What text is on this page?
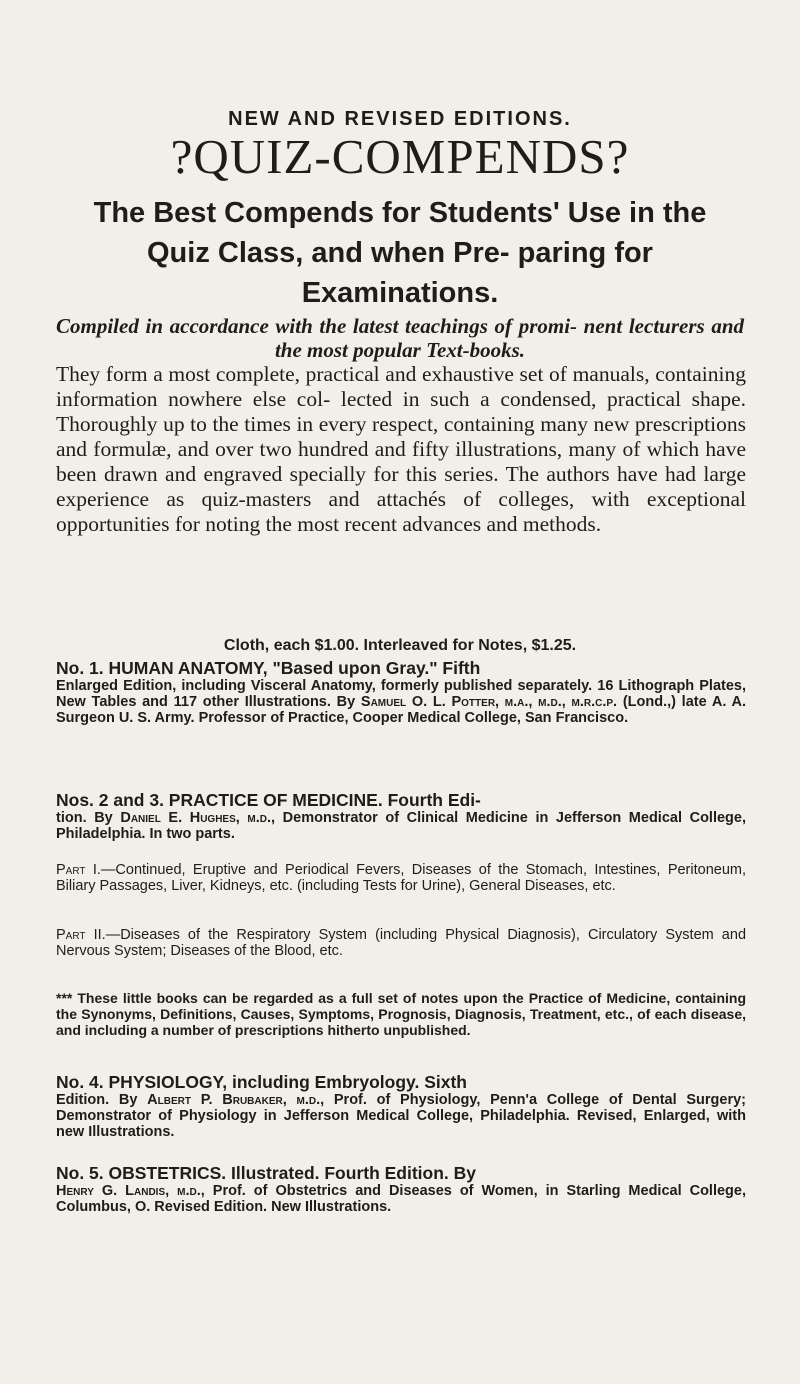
NEW AND REVISED EDITIONS.
?QUIZ-COMPENDS?
The Best Compends for Students' Use in the Quiz Class, and when Pre- paring for Examinations.
Compiled in accordance with the latest teachings of promi- nent lecturers and the most popular Text-books.
They form a most complete, practical and exhaustive set of manuals, containing information nowhere else col- lected in such a condensed, practical shape. Thoroughly up to the times in every respect, containing many new prescriptions and formulæ, and over two hundred and fifty illustrations, many of which have been drawn and engraved specially for this series. The authors have had large experience as quiz-masters and attachés of colleges, with exceptional opportunities for noting the most recent advances and methods.
Cloth, each $1.00. Interleaved for Notes, $1.25.
No. 1. HUMAN ANATOMY, "Based upon Gray." Fifth
Enlarged Edition, including Visceral Anatomy, formerly published separately. 16 Lithograph Plates, New Tables and 117 other Illustrations. By Samuel O. L. Potter, m.a., m.d., m.r.c.p. (Lond.,) late A. A. Surgeon U. S. Army. Professor of Practice, Cooper Medical College, San Francisco.
Nos. 2 and 3. PRACTICE OF MEDICINE. Fourth Edi-
tion. By Daniel E. Hughes, m.d., Demonstrator of Clinical Medicine in Jefferson Medical College, Philadelphia. In two parts.
Part I.—Continued, Eruptive and Periodical Fevers, Diseases of the Stomach, Intestines, Peritoneum, Biliary Passages, Liver, Kidneys, etc. (including Tests for Urine), General Diseases, etc.
Part II.—Diseases of the Respiratory System (including Physical Diagnosis), Circulatory System and Nervous System; Diseases of the Blood, etc.
*** These little books can be regarded as a full set of notes upon the Practice of Medicine, containing the Synonyms, Definitions, Causes, Symptoms, Prognosis, Diagnosis, Treatment, etc., of each disease, and including a number of prescriptions hitherto unpublished.
No. 4. PHYSIOLOGY, including Embryology. Sixth
Edition. By Albert P. Brubaker, m.d., Prof. of Physiology, Penn'a College of Dental Surgery; Demonstrator of Physiology in Jefferson Medical College, Philadelphia. Revised, Enlarged, with new Illustrations.
No. 5. OBSTETRICS. Illustrated. Fourth Edition. By
Henry G. Landis, m.d., Prof. of Obstetrics and Diseases of Women, in Starling Medical College, Columbus, O. Revised Edition. New Illustrations.
